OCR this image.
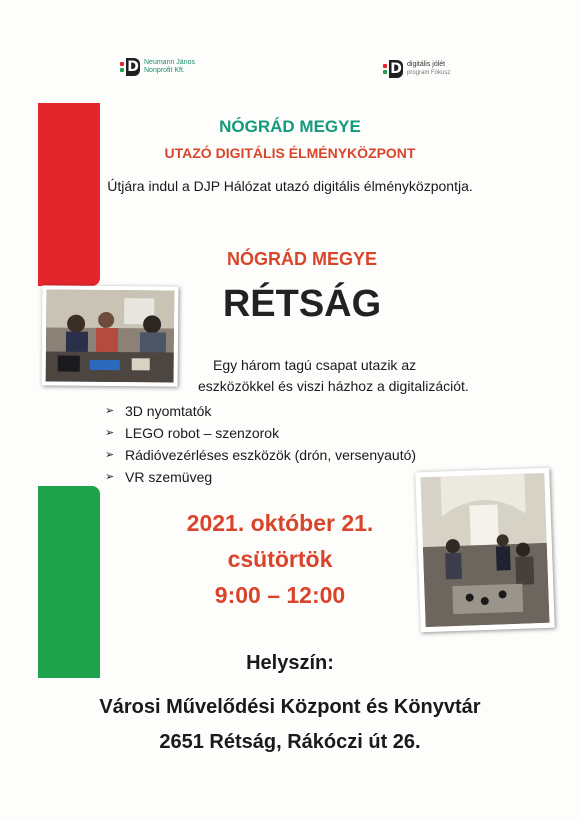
D Neumann János
Nonprofit Kft.	D digitális jólét
program Fókusz
NÓGRÁD MEGYE
UTAZÓ DIGITÁLIS ÉLMÉNYKÖZPONT
Útjára indul a DJP Hálózat utazó digitális élményközpontja.
NÓGRÁD MEGYE
RÉTSÁG
Egy három tagú csapat utazik az
eszközökkel és viszi házhoz a digitalizációt.
➢ 3D nyomtatók
➢ LEGO robot – szenzorok
➢ Rádióvezérléses eszközök (drón, versenyautó)
➢ VR szemüveg
2021. október 21.
csütörtök
9:00 – 12:00
Helyszín:
Városi Művelődési Központ és Könyvtár
2651 Rétság, Rákóczi út 26.
